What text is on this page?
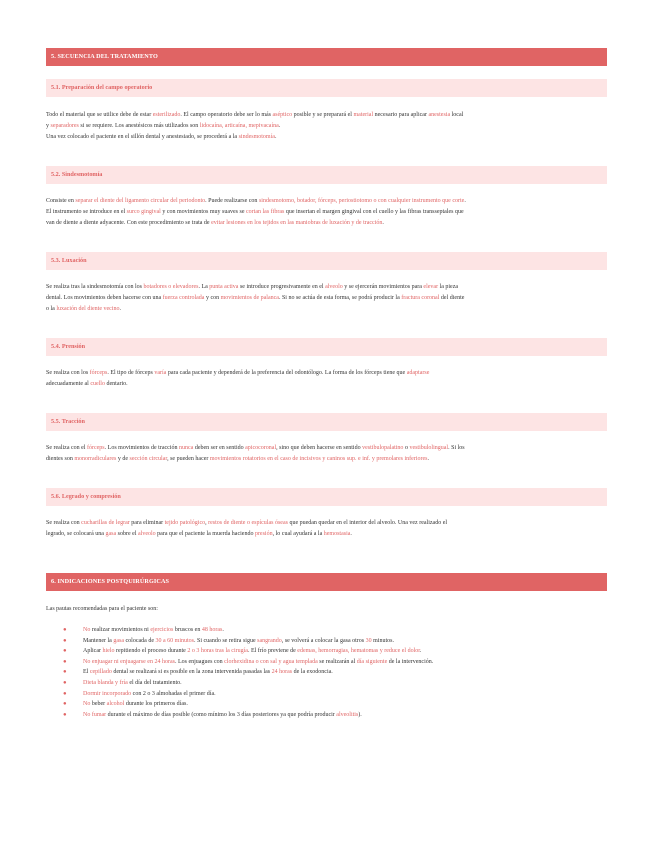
5. SECUENCIA DEL TRATAMIENTO
5.1. Preparación del campo operatorio
Todo el material que se utilice debe de estar esterilizado. El campo operatorio debe ser lo más aséptico posible y se preparará el material necesario para aplicar anestesia local
y separadores si se requiere. Los anestésicos más utilizados son lidocaína, articaína, mepivacaína.
Una vez colocado el paciente en el sillón dental y anestesiado, se procederá a la sindesmotomía.
5.2. Sindesmotomía
Consiste en separar el diente del ligamento circular del periodonto. Puede realizarse con sindesmotomo, botador, fórceps, periostiotomo o con cualquier instrumento que corte.
El instrumento se introduce en el surco gingival y con movimientos muy suaves se cortan las fibras que insertan el margen gingival con el cuello y las fibras transseptales que
van de diente a diente adyacente. Con este procedimiento se trata de evitar lesiones en los tejidos en las maniobras de luxación y de tracción.
5.3. Luxación
Se realiza tras la sindesmotomía con los botadores o elevadores. La punta activa se introduce progresivamente en el alveolo y se ejercerán movimientos para elevar la pieza
dental. Los movimientos deben hacerse con una fuerza controlada y con movimientos de palanca. Si no se actúa de esta forma, se podrá producir la fractura coronal del diente
o la luxación del diente vecino.
5.4. Prensión
Se realiza con los fórceps. El tipo de fórceps varía para cada paciente y dependerá de la preferencia del odontólogo. La forma de los fórceps tiene que adaptarse
adecuadamente al cuello dentario.
5.5. Tracción
Se realiza con el fórceps. Los movimientos de tracción nunca deben ser en sentido apicocoronal, sino que deben hacerse en sentido vestibulopalatino o vestibulolingual. Si los
dientes son monorradiculares y de sección circular, se pueden hacer movimientos rotatorios en el caso de incisivos y caninos sup. e inf. y premolares inferiores.
5.6. Legrado y compresión
Se realiza con cucharillas de legrar para eliminar tejido patológico, restos de diente o espículas óseas que puedan quedar en el interior del alveolo. Una vez realizado el
legrado, se colocará una gasa sobre el alveolo para que el paciente la muerda haciendo presión, lo cual ayudará a la hemostasia.
6. INDICACIONES POSTQUIRÚRGICAS
Las pautas recomendadas para el paciente son:
●	No realizar movimientos ni ejercicios bruscos en 48 horas.
●	Mantener la gasa colocada de 30 a 60 minutos. Si cuando se retira sigue sangrando, se volverá a colocar la gasa otros 30 minutos.
●	Aplicar hielo repitiendo el proceso durante 2 o 3 horas tras la cirugía. El frío previene de edemas, hemorragias, hematomas y reduce el dolor.
●	No enjuagar ni enjuagarse en 24 horas. Los enjuagues con clorhexidina o con sal y agua templada se realizarán al día siguiente de la intervención.
●	El cepillado dental se realizará si es posible en la zona intervenida pasadas las 24 horas de la exodoncia.
●	Dieta blanda y fría el día del tratamiento.
●	Dormir incorporado con 2 o 3 almohadas el primer día.
●	No beber alcohol durante los primeros días.
●	No fumar durante el máximo de días posible (como mínimo los 3 días posteriores ya que podría producir alveolitis).
